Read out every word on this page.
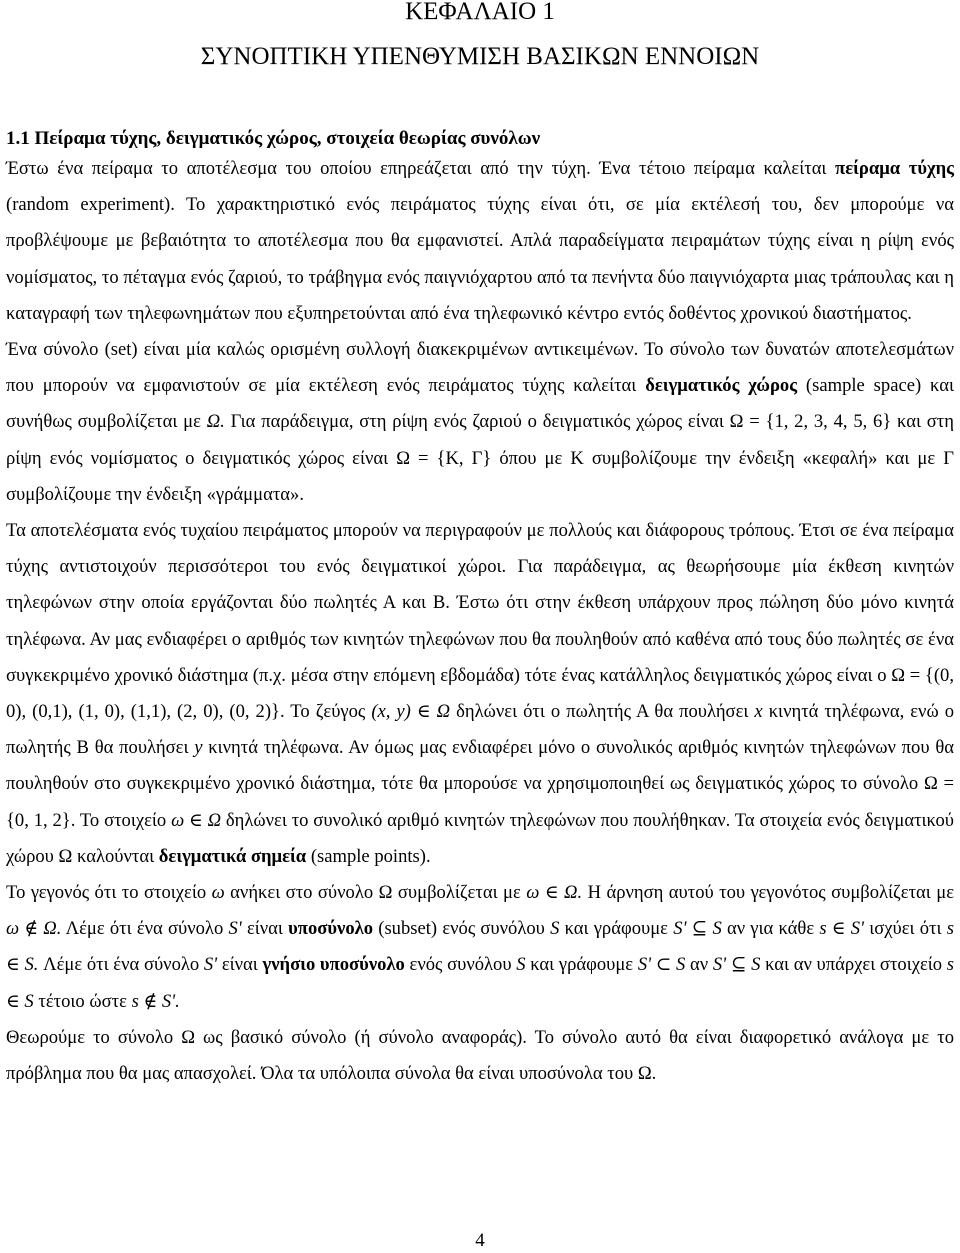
ΚΕΦΑΛΑΙΟ 1
ΣΥΝΟΠΤΙΚΗ ΥΠΕΝΘΥΜΙΣΗ ΒΑΣΙΚΩΝ ΕΝΝΟΙΩΝ
1.1 Πείραμα τύχης, δειγματικός χώρος, στοιχεία θεωρίας συνόλων

Έστω ένα πείραμα το αποτέλεσμα του οποίου επηρεάζεται από την τύχη. Ένα τέτοιο πείραμα καλείται πείραμα τύχης (random experiment). Το χαρακτηριστικό ενός πειράματος τύχης είναι ότι, σε μία εκτέλεσή του, δεν μπορούμε να προβλέψουμε με βεβαιότητα το αποτέλεσμα που θα εμφανιστεί. Απλά παραδείγματα πειραμάτων τύχης είναι η ρίψη ενός νομίσματος, το πέταγμα ενός ζαριού, το τράβηγμα ενός παιγνιόχαρτου από τα πενήντα δύο παιγνιόχαρτα μιας τράπουλας και η καταγραφή των τηλεφωνημάτων που εξυπηρετούνται από ένα τηλεφωνικό κέντρο εντός δοθέντος χρονικού διαστήματος.

Ένα σύνολο (set) είναι μία καλώς ορισμένη συλλογή διακεκριμένων αντικειμένων. Το σύνολο των δυνατών αποτελεσμάτων που μπορούν να εμφανιστούν σε μία εκτέλεση ενός πειράματος τύχης καλείται δειγματικός χώρος (sample space) και συνήθως συμβολίζεται με Ω. Για παράδειγμα, στη ρίψη ενός ζαριού ο δειγματικός χώρος είναι Ω = {1, 2, 3, 4, 5, 6} και στη ρίψη ενός νομίσματος ο δειγματικός χώρος είναι Ω = {Κ, Γ} όπου με Κ συμβολίζουμε την ένδειξη «κεφαλή» και με Γ συμβολίζουμε την ένδειξη «γράμματα».

Τα αποτελέσματα ενός τυχαίου πειράματος μπορούν να περιγραφούν με πολλούς και διάφορους τρόπους. Έτσι σε ένα πείραμα τύχης αντιστοιχούν περισσότεροι του ενός δειγματικοί χώροι. Για παράδειγμα, ας θεωρήσουμε μία έκθεση κινητών τηλεφώνων στην οποία εργάζονται δύο πωλητές Α και Β. Έστω ότι στην έκθεση υπάρχουν προς πώληση δύο μόνο κινητά τηλέφωνα. Αν μας ενδιαφέρει ο αριθμός των κινητών τηλεφώνων που θα πουληθούν από καθένα από τους δύο πωλητές σε ένα συγκεκριμένο χρονικό διάστημα (π.χ. μέσα στην επόμενη εβδομάδα) τότε ένας κατάλληλος δειγματικός χώρος είναι ο Ω = {(0, 0), (0,1), (1, 0), (1,1), (2, 0), (0, 2)}. Το ζεύγος (x, y) ∈ Ω δηλώνει ότι ο πωλητής Α θα πουλήσει x κινητά τηλέφωνα, ενώ ο πωλητής Β θα πουλήσει y κινητά τηλέφωνα. Αν όμως μας ενδιαφέρει μόνο ο συνολικός αριθμός κινητών τηλεφώνων που θα πουληθούν στο συγκεκριμένο χρονικό διάστημα, τότε θα μπορούσε να χρησιμοποιηθεί ως δειγματικός χώρος το σύνολο Ω = {0, 1, 2}. Το στοιχείο ω ∈ Ω δηλώνει το συνολικό αριθμό κινητών τηλεφώνων που πουλήθηκαν. Τα στοιχεία ενός δειγματικού χώρου Ω καλούνται δειγματικά σημεία (sample points).

Το γεγονός ότι το στοιχείο ω ανήκει στο σύνολο Ω συμβολίζεται με ω ∈ Ω. Η άρνηση αυτού του γεγονότος συμβολίζεται με ω ∉ Ω. Λέμε ότι ένα σύνολο S' είναι υποσύνολο (subset) ενός συνόλου S και γράφουμε S' ⊆ S αν για κάθε s ∈ S' ισχύει ότι s ∈ S. Λέμε ότι ένα σύνολο S' είναι γνήσιο υποσύνολο ενός συνόλου S και γράφουμε S' ⊂ S αν S' ⊆ S και αν υπάρχει στοιχείο s ∈ S τέτοιο ώστε s ∉ S'.

Θεωρούμε το σύνολο Ω ως βασικό σύνολο (ή σύνολο αναφοράς). Το σύνολο αυτό θα είναι διαφορετικό ανάλογα με το πρόβλημα που θα μας απασχολεί. Όλα τα υπόλοιπα σύνολα θα είναι υποσύνολα του Ω.

4
